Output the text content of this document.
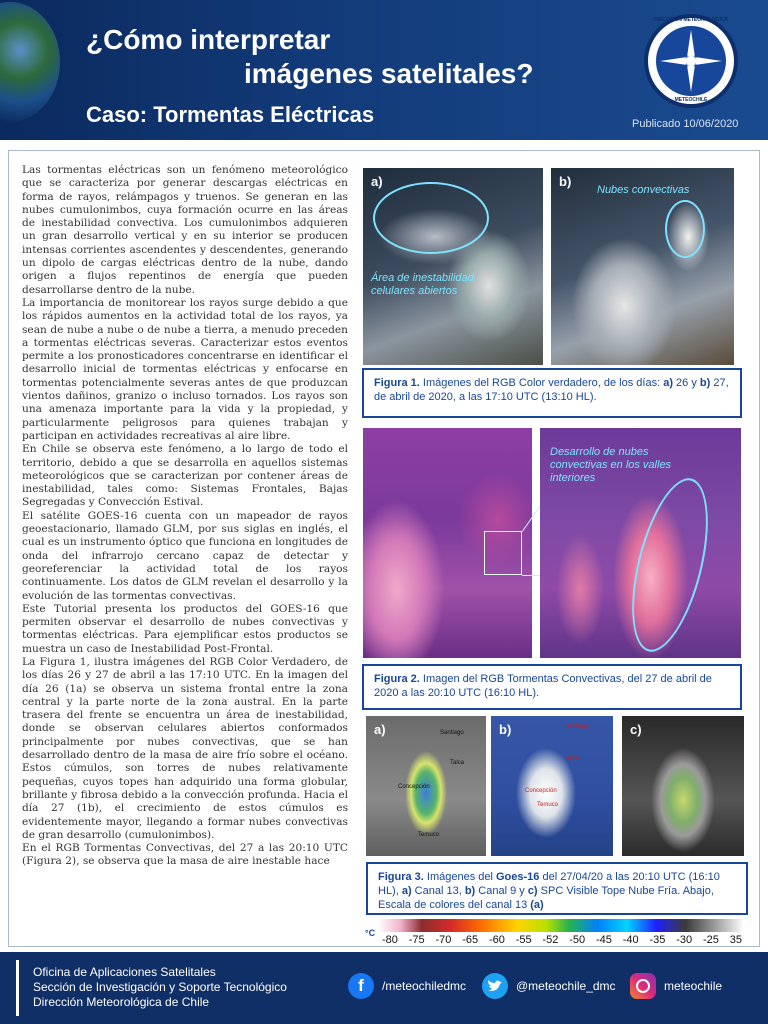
¿Cómo interpretar
imágenes satelitales?
Caso: Tormentas Eléctricas	Publicado 10/06/2020
DIRECCIÓN METEOROLÓGICA
METEOCHILE

Las tormentas eléctricas son un fenómeno meteorológico que se caracteriza por generar descargas eléctricas en forma de rayos, relámpagos y truenos. Se generan en las nubes cumulonimbos, cuya formación ocurre en las áreas de inestabilidad convectiva. Los cumulonimbos adquieren un gran desarrollo vertical y en su interior se producen intensas corrientes ascendentes y descendentes, generando un dipolo de cargas eléctricas dentro de la nube, dando origen a flujos repentinos de energía que pueden desarrollarse dentro de la nube.

La importancia de monitorear los rayos surge debido a que los rápidos aumentos en la actividad total de los rayos, ya sean de nube a nube o de nube a tierra, a menudo preceden a tormentas eléctricas severas. Caracterizar estos eventos permite a los pronosticadores concentrarse en identificar el desarrollo inicial de tormentas eléctricas y enfocarse en tormentas potencialmente severas antes de que produzcan vientos dañinos, granizo o incluso tornados. Los rayos son una amenaza importante para la vida y la propiedad, y particularmente peligrosos para quienes trabajan y participan en actividades recreativas al aire libre.

En Chile se observa este fenómeno, a lo largo de todo el territorio, debido a que se desarrolla en aquellos sistemas meteorológicos que se caracterizan por contener áreas de inestabilidad, tales como: Sistemas Frontales, Bajas Segregadas y Convección Estival.

El satélite GOES-16 cuenta con un mapeador de rayos geoestacionario, llamado GLM, por sus siglas en inglés, el cual es un instrumento óptico que funciona en longitudes de onda del infrarrojo cercano capaz de detectar y georeferenciar la actividad total de los rayos continuamente. Los datos de GLM revelan el desarrollo y la evolución de las tormentas convectivas.

Este Tutorial presenta los productos del GOES-16 que permiten observar el desarrollo de nubes convectivas y tormentas eléctricas. Para ejemplificar estos productos se muestra un caso de Inestabilidad Post-Frontal.

La Figura 1, ilustra imágenes del RGB Color Verdadero, de los días 26 y 27 de abril a las 17:10 UTC. En la imagen del día 26 (1a) se observa un sistema frontal entre la zona central y la parte norte de la zona austral. En la parte trasera del frente se encuentra un área de inestabilidad, donde se observan celulares abiertos conformados principalmente por nubes convectivas, que se han desarrollado dentro de la masa de aire frío sobre el océano. Estos cúmulos, son torres de nubes relativamente pequeñas, cuyos topes han adquirido una forma globular, brillante y fibrosa debido a la convección profunda. Hacia el día 27 (1b), el crecimiento de estos cúmulos es evidentemente mayor, llegando a formar nubes convectivas de gran desarrollo (cumulonimbos).

En el RGB Tormentas Convectivas, del 27 a las 20:10 UTC (Figura 2), se observa que la masa de aire inestable hace

a)
Área de inestabilidad celulares abiertos
b)
Nubes convectivas
Figura 1. Imágenes del RGB Color verdadero, de los días: a) 26 y b) 27, de abril de 2020, a las 17:10 UTC (13:10 HL).
Desarrollo de nubes convectivas en los valles interiores
Figura 2. Imagen del RGB Tormentas Convectivas, del 27 de abril de 2020 a las 20:10 UTC (16:10 HL).
a)	Santiago
Talca
Concepción
Temuco
b)	Santiago
Talca
Concepción
Temuco
c)
Figura 3. Imágenes del Goes-16 del 27/04/20 a las 20:10 UTC (16:10 HL), a) Canal 13, b) Canal 9 y c) SPC Visible Tope Nube Fría. Abajo, Escala de colores del canal 13 (a)
°C
-80 -75 -70 -65 -60 -55 -52 -50 -45 -40 -35 -30 -25 35
Oficina de Aplicaciones Satelitales
Sección de Investigación y Soporte Tecnológico
Dirección Meteorológica de Chile
f	/meteochiledmc	@meteochile_dmc	meteochile
